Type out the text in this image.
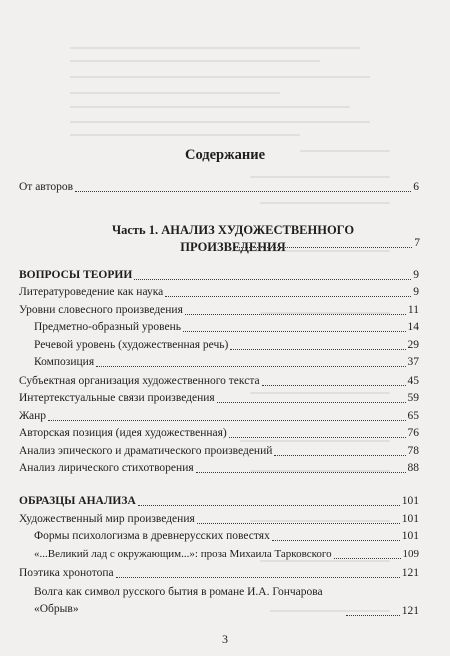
Содержание
От авторов	6
Часть 1. АНАЛИЗ ХУДОЖЕСТВЕННОГО ПРОИЗВЕДЕНИЯ	7
ВОПРОСЫ ТЕОРИИ	9
Литературоведение как наука	9
Уровни словесного произведения	11
Предметно-образный уровень	14
Речевой уровень (художественная речь)	29
Композиция	37
Субъектная организация художественного текста	45
Интертекстуальные связи произведения	59
Жанр	65
Авторская позиция (идея художественная)	76
Анализ эпического и драматического произведений	78
Анализ лирического стихотворения	88
ОБРАЗЦЫ АНАЛИЗА	101
Художественный мир произведения	101
Формы психологизма в древнерусских повестях	101
«...Великий лад с окружающим...»: проза Михаила Тарковского	109
Поэтика хронотопа	121
Волга как символ русского бытия в романе И.А. Гончарова «Обрыв»	121
3
